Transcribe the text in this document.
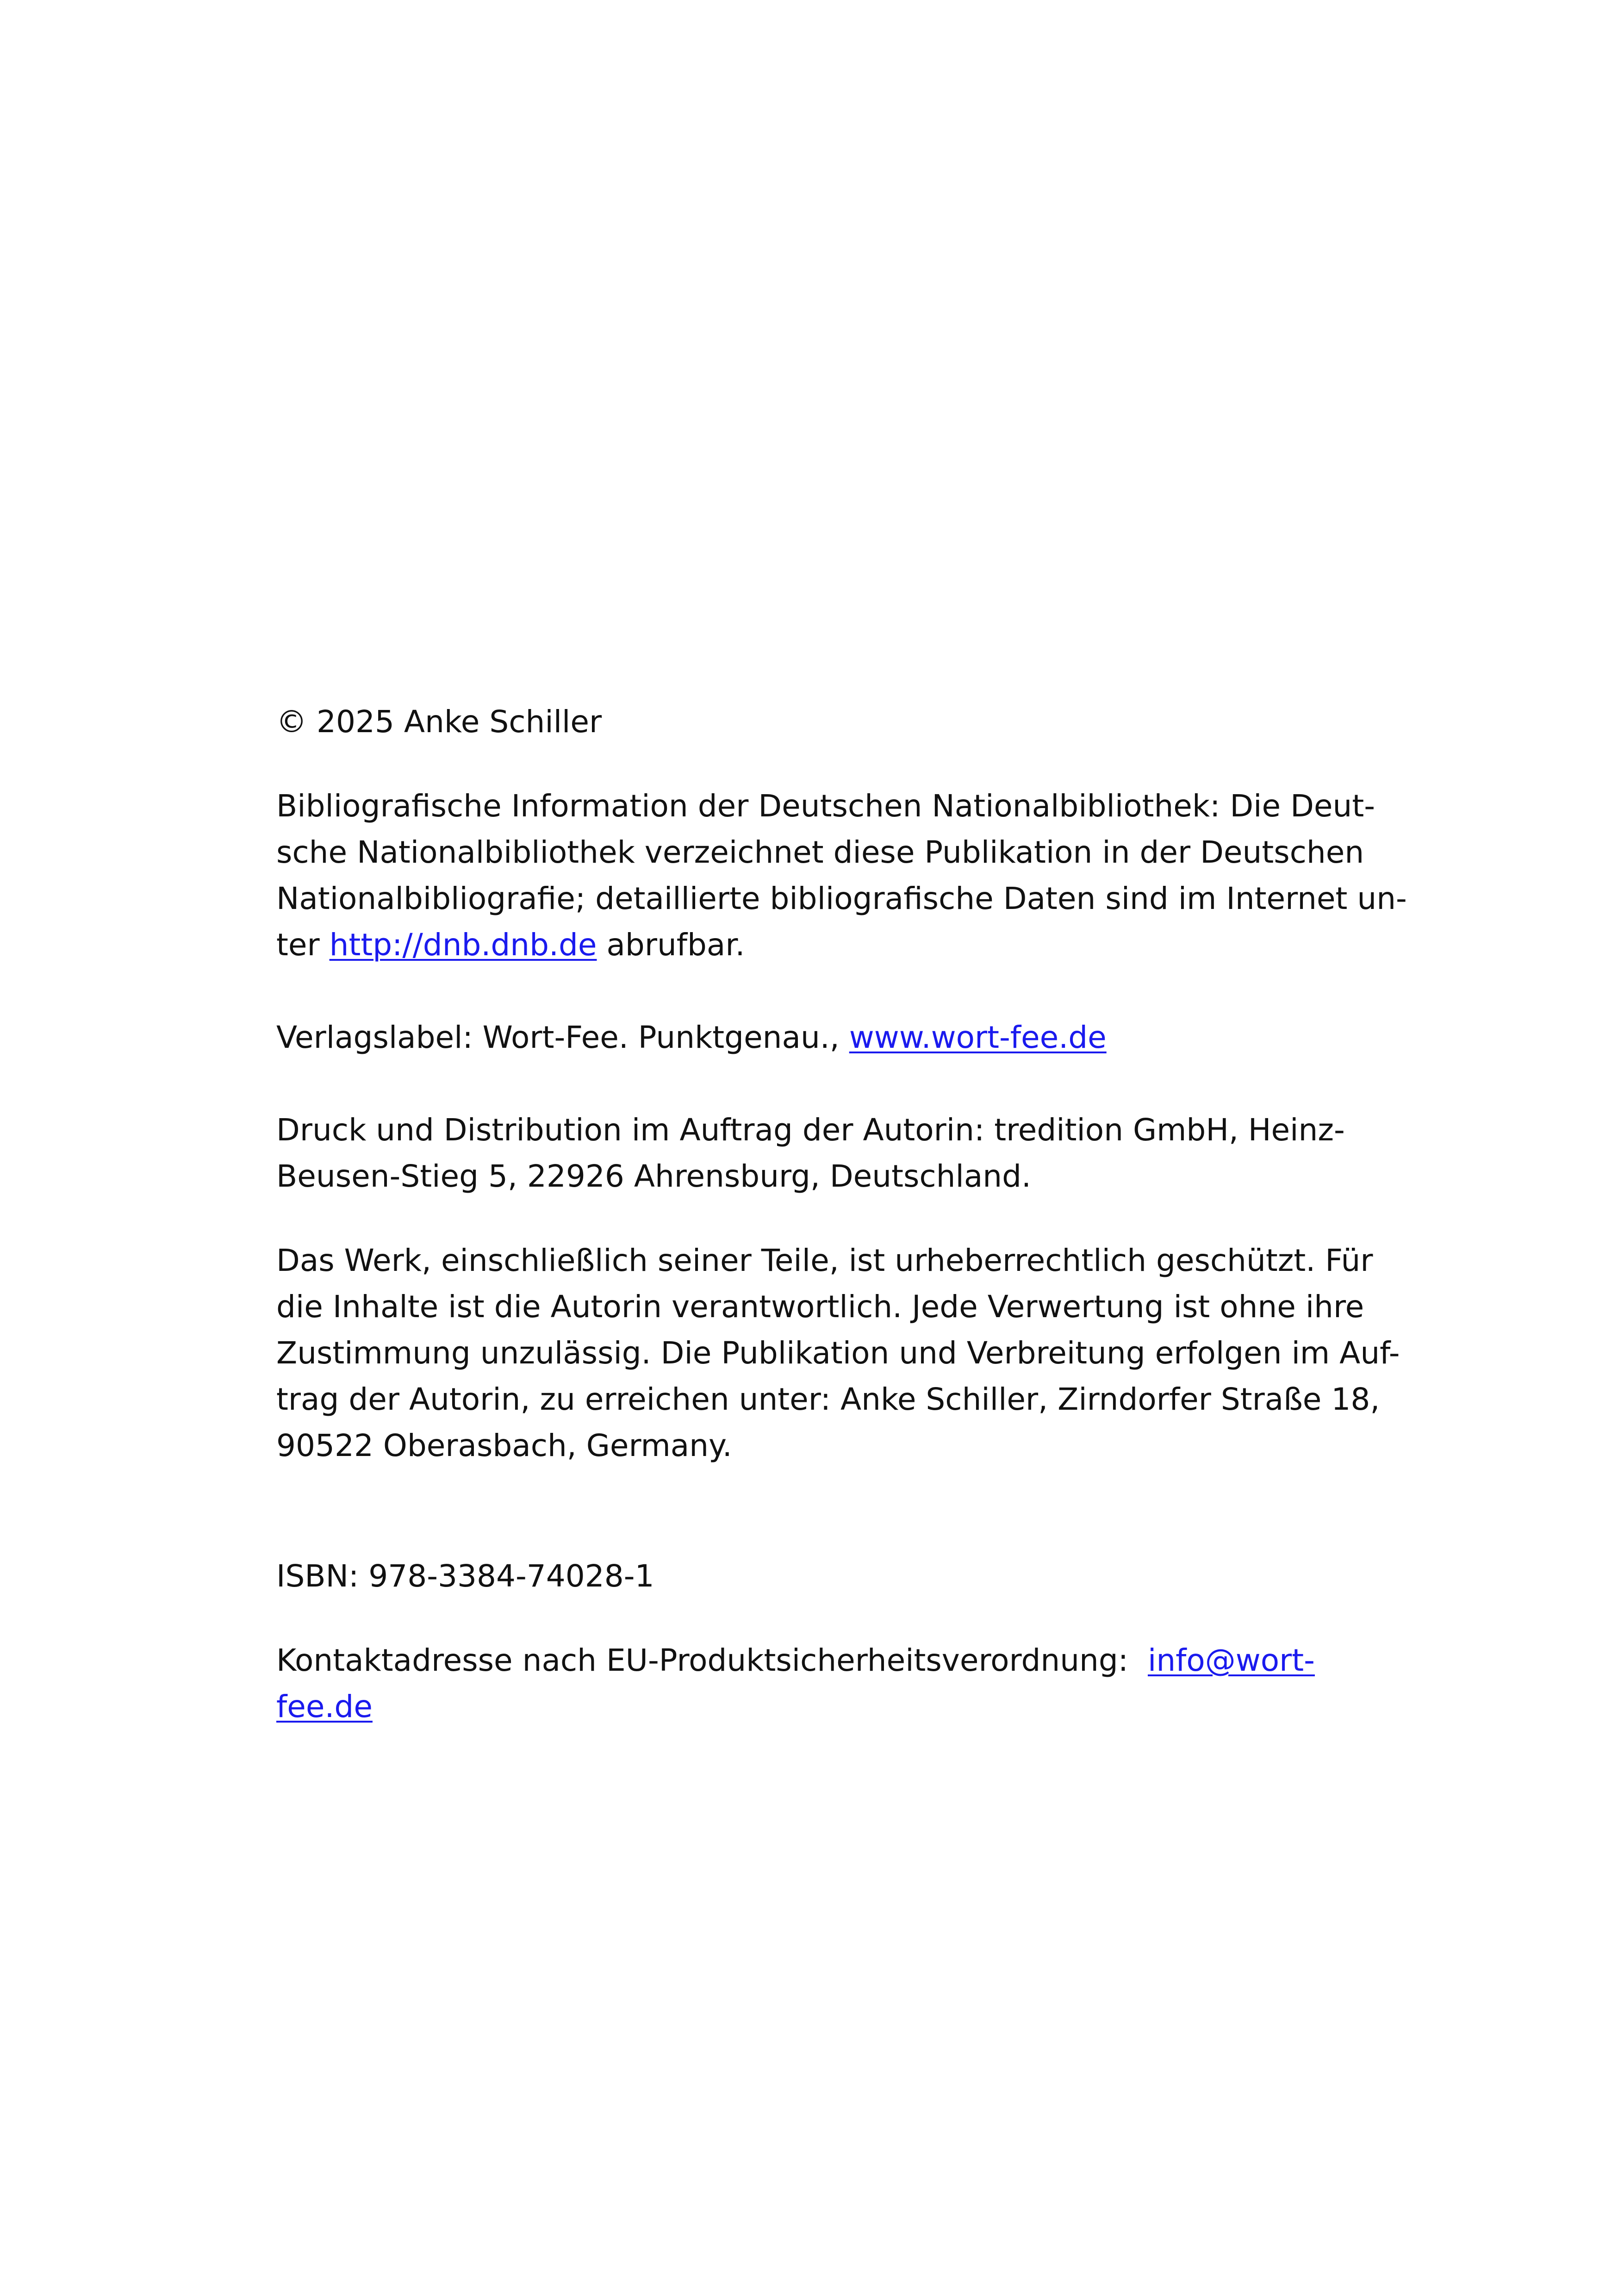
© 2025 Anke Schiller
Bibliografische Information der Deutschen Nationalbibliothek: Die Deut-
sche Nationalbibliothek verzeichnet diese Publikation in der Deutschen
Nationalbibliografie; detaillierte bibliografische Daten sind im Internet un-
ter http://dnb.dnb.de abrufbar.
Verlagslabel: Wort-Fee. Punktgenau., www.wort-fee.de
Druck und Distribution im Auftrag der Autorin: tredition GmbH, Heinz-
Beusen-Stieg 5, 22926 Ahrensburg, Deutschland.
Das Werk, einschließlich seiner Teile, ist urheberrechtlich geschützt. Für
die Inhalte ist die Autorin verantwortlich. Jede Verwertung ist ohne ihre
Zustimmung unzulässig. Die Publikation und Verbreitung erfolgen im Auf-
trag der Autorin, zu erreichen unter: Anke Schiller, Zirndorfer Straße 18,
90522 Oberasbach, Germany.
ISBN: 978-3384-74028-1
Kontaktadresse nach EU-Produktsicherheitsverordnung: info@wort-
fee.de
